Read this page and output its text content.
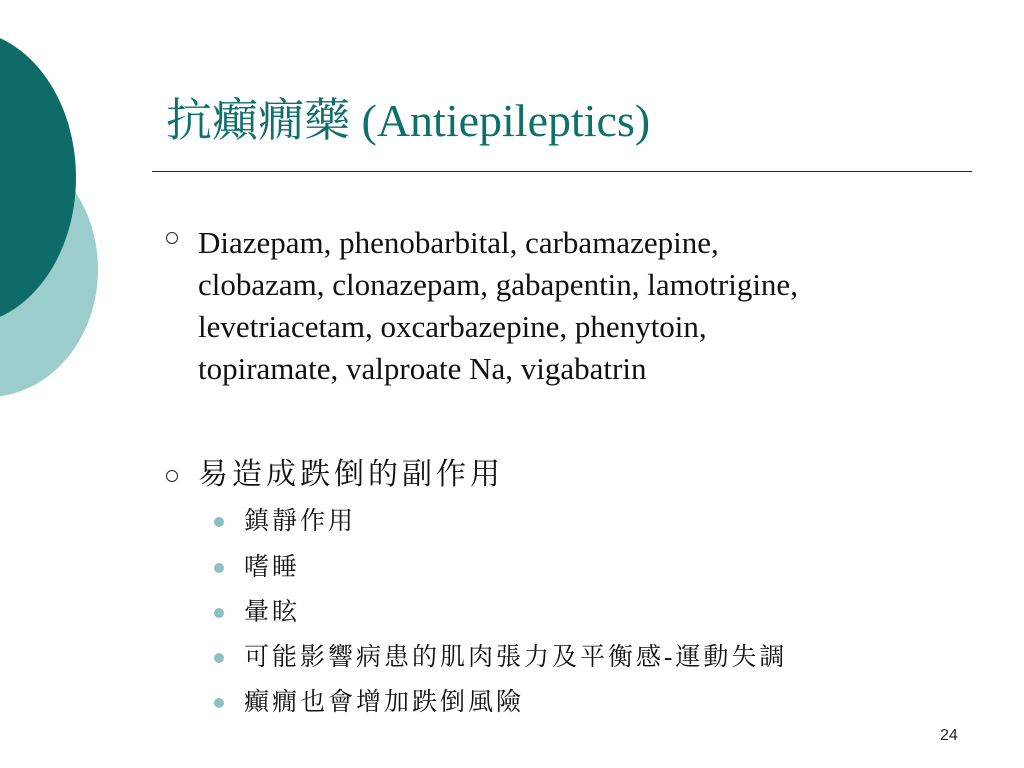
抗癲癇藥 (Antiepileptics)
Diazepam, phenobarbital, carbamazepine,
clobazam, clonazepam, gabapentin, lamotrigine,
levetriacetam, oxcarbazepine, phenytoin,
topiramate, valproate Na, vigabatrin
易造成跌倒的副作用
鎮靜作用
嗜睡
暈眩
可能影響病患的肌肉張力及平衡感-運動失調
癲癇也會增加跌倒風險
24
